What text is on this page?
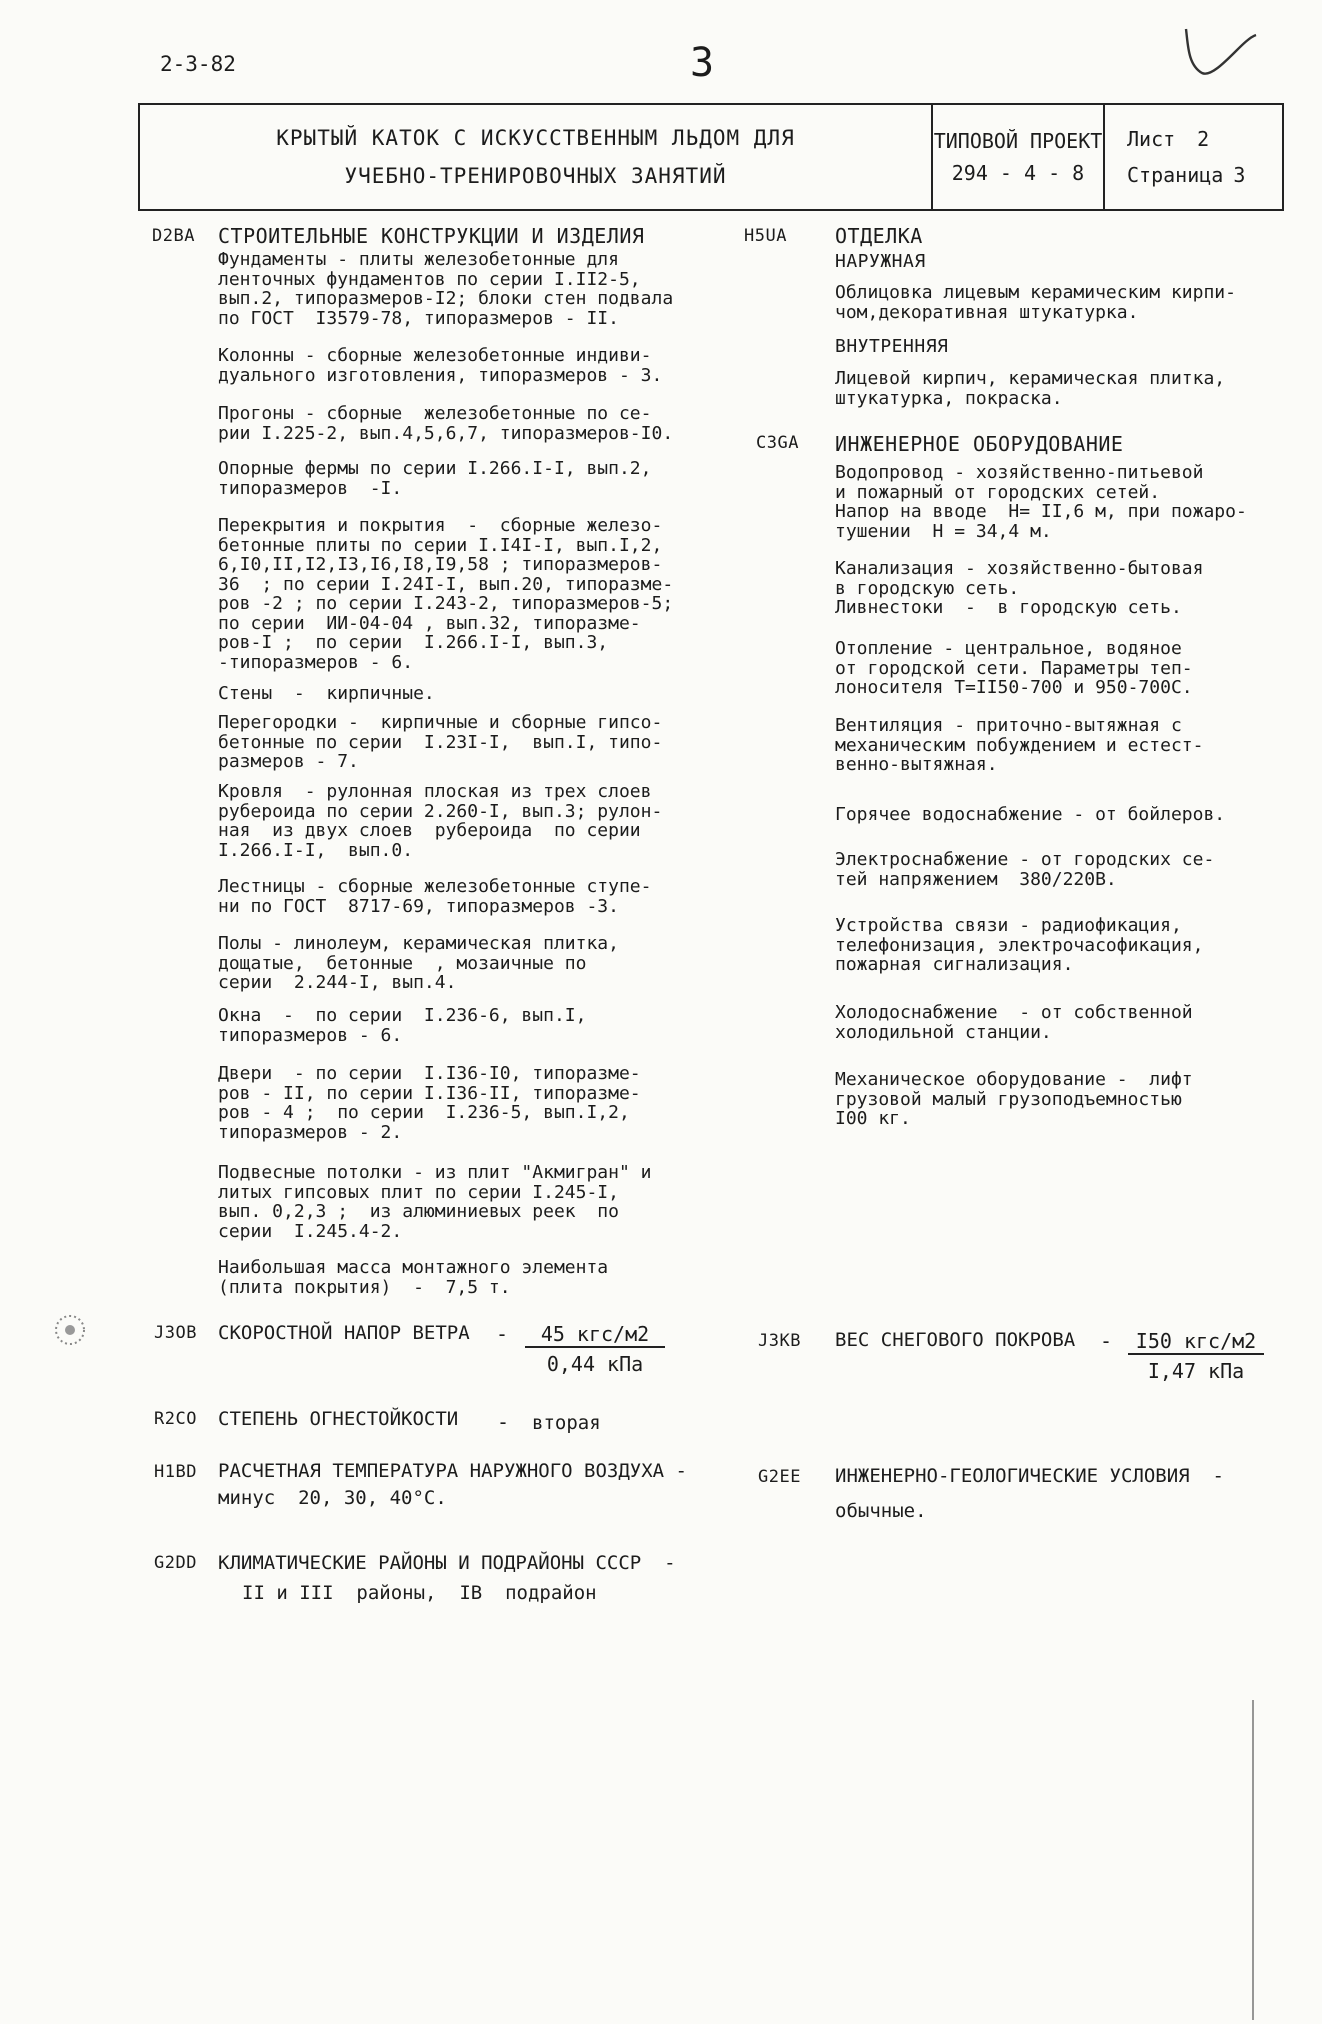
2-3-82	3
КРЫТЫЙ КАТОК С ИСКУССТВЕННЫМ ЛЬДОМ ДЛЯ
УЧЕБНО-ТРЕНИРОВОЧНЫХ ЗАНЯТИЙ
ТИПОВОЙ ПРОЕКТ
294 - 4 - 8
Лист 2
Страница 3
D2BA СТРОИТЕЛЬНЫЕ КОНСТРУКЦИИ И ИЗДЕЛИЯ
Фундаменты - плиты железобетонные для
ленточных фундаментов по серии I.II2-5,
вып.2, типоразмеров-I2; блоки стен подвала
по ГОСТ  I3579-78, типоразмеров - II.
Колонны - сборные железобетонные индиви-
дуального изготовления, типоразмеров - 3.
Прогоны - сборные  железобетонные по се-
рии I.225-2, вып.4,5,6,7, типоразмеров-I0.
Опорные фермы по серии I.266.I-I, вып.2,
типоразмеров  -I.
Перекрытия и покрытия  -  сборные железо-
бетонные плиты по серии I.I4I-I, вып.I,2,
6,I0,II,I2,I3,I6,I8,I9,58 ; типоразмеров-
36  ; по серии I.24I-I, вып.20, типоразме-
ров -2 ; по серии I.243-2, типоразмеров-5;
по серии  ИИ-04-04 , вып.32, типоразме-
ров-I ;  по серии  I.266.I-I, вып.3,
-типоразмеров - 6.
Стены  -  кирпичные.
Перегородки -  кирпичные и сборные гипсо-
бетонные по серии  I.23I-I,  вып.I, типо-
размеров - 7.
Кровля  - рулонная плоская из трех слоев
рубероида по серии 2.260-I, вып.3; рулон-
ная  из двух слоев  рубероида  по серии
I.266.I-I,  вып.0.
Лестницы - сборные железобетонные ступе-
ни по ГОСТ  8717-69, типоразмеров -3.
Полы - линолеум, керамическая плитка,
дощатые,  бетонные  , мозаичные по
серии  2.244-I, вып.4.
Окна  -  по серии  I.236-6, вып.I,
типоразмеров - 6.
Двери  - по серии  I.I36-I0, типоразме-
ров - II, по серии I.I36-II, типоразме-
ров - 4 ;  по серии  I.236-5, вып.I,2,
типоразмеров - 2.
Подвесные потолки - из плит "Акмигран" и
литых гипсовых плит по серии I.245-I,
вып. 0,2,3 ;  из алюминиевых реек  по
серии  I.245.4-2.
Наибольшая масса монтажного элемента
(плита покрытия)  -  7,5 т.
H5UA ОТДЕЛКА
НАРУЖНАЯ
Облицовка лицевым керамическим кирпи-
чом,декоративная штукатурка.
ВНУТРЕННЯЯ
Лицевой кирпич, керамическая плитка,
штукатурка, покраска.
C3GA ИНЖЕНЕРНОЕ ОБОРУДОВАНИЕ
Водопровод - хозяйственно-питьевой
и пожарный от городских сетей.
Напор на вводе  Н= II,6 м, при пожаро-
тушении  Н = 34,4 м.
Канализация - хозяйственно-бытовая
в городскую сеть.
Ливнестоки  -  в городскую сеть.
Отопление - центральное, водяное
от городской сети. Параметры теп-
лоносителя Т=II50-700 и 950-700С.
Вентиляция - приточно-вытяжная с
механическим побуждением и естест-
венно-вытяжная.
Горячее водоснабжение - от бойлеров.
Электроснабжение - от городских се-
тей напряжением  380/220В.
Устройства связи - радиофикация,
телефонизация, электрочасофикация,
пожарная сигнализация.
Холодоснабжение  - от собственной
холодильной станции.
Механическое оборудование -  лифт
грузовой малый грузоподъемностью
I00 кг.
J3OB СКОРОСТНОЙ НАПОР ВЕТРА -	45 кгс/м2
0,44 кПа
J3KB ВЕС СНЕГОВОГО ПОКРОВА -	I50 кгс/м2
I,47 кПа
R2CO СТЕПЕНЬ ОГНЕСТОЙКОСТИ - вторая
H1BD РАСЧЕТНАЯ ТЕМПЕРАТУРА НАРУЖНОГО ВОЗДУХА -
минус  20, 30, 40°С.
G2EE ИНЖЕНЕРНО-ГЕОЛОГИЧЕСКИЕ УСЛОВИЯ  -
обычные.
G2DD КЛИМАТИЧЕСКИЕ РАЙОНЫ И ПОДРАЙОНЫ СССР  -
II и III  районы,  IВ  подрайон
